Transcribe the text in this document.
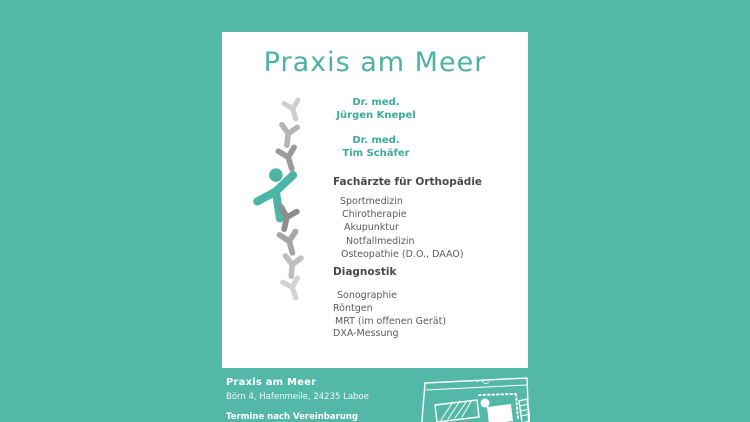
Praxis am Meer
Dr. med.
Jürgen Knepel
Dr. med.
Tim Schäfer
Fachärzte für Orthopädie
Sportmedizin
Chirotherapie
Akupunktur
Notfallmedizin
Osteopathie (D.O., DAAO)
Diagnostik
Sonographie
Röntgen
MRT (im offenen Gerät)
DXA-Messung
Praxis am Meer
Börn 4, Hafenmeile, 24235 Laboe
Termine nach Vereinbarung
